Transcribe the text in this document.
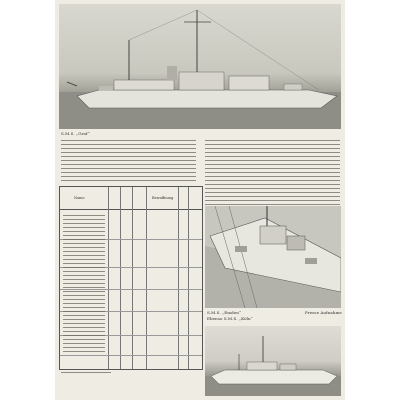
S.M.S. „Graf“
Name	Bewaffnung
S.M.S. „Emden“
Ebenso S.M.S. „Köln“
Presse Aufnahme
